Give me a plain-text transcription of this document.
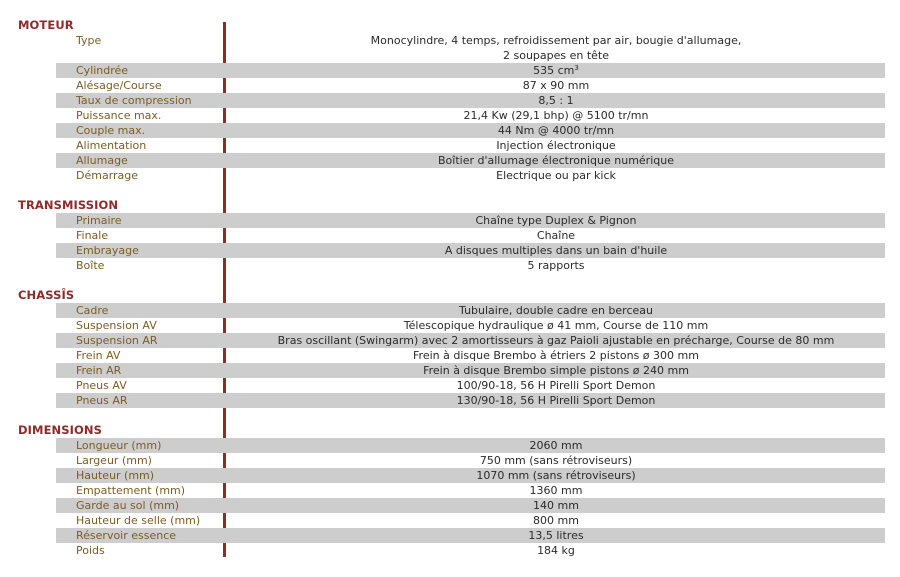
MOTEUR
Type	Monocylindre, 4 temps, refroidissement par air, bougie d'allumage,
2 soupapes en tête
Cylindrée	535 $cm^3$
Alésage/Course	87 x 90 mm
Taux de compression	8,5 : 1
Puissance max.	21,4 Kw (29,1 bhp) @ 5100 tr/mn
Couple max.	44 Nm @ 4000 tr/mn
Alimentation	Injection électronique
Allumage	Boîtier d'allumage électronique numérique
Démarrage	Electrique ou par kick
TRANSMISSION
Primaire	Chaîne type Duplex & Pignon
Finale	Chaîne
Embrayage	A disques multiples dans un bain d'huile
Boîte	5 rapports
CHASSÎS
Cadre	Tubulaire, double cadre en berceau
Suspension AV	Télescopique hydraulique ø 41 mm, Course de 110 mm
Suspension AR	Bras oscillant (Swingarm) avec 2 amortisseurs à gaz Paioli ajustable en précharge, Course de 80 mm
Frein AV	Frein à disque Brembo à étriers 2 pistons ø 300 mm
Frein AR	Frein à disque Brembo simple pistons ø 240 mm
Pneus AV	100/90-18, 56 H Pirelli Sport Demon
Pneus AR	130/90-18, 56 H Pirelli Sport Demon
DIMENSIONS
Longueur (mm)	2060 mm
Largeur (mm)	750 mm (sans rétroviseurs)
Hauteur (mm)	1070 mm (sans rétroviseurs)
Empattement (mm)	1360 mm
Garde au sol (mm)	140 mm
Hauteur de selle (mm)	800 mm
Réservoir essence	13,5 litres
Poids	184 kg
